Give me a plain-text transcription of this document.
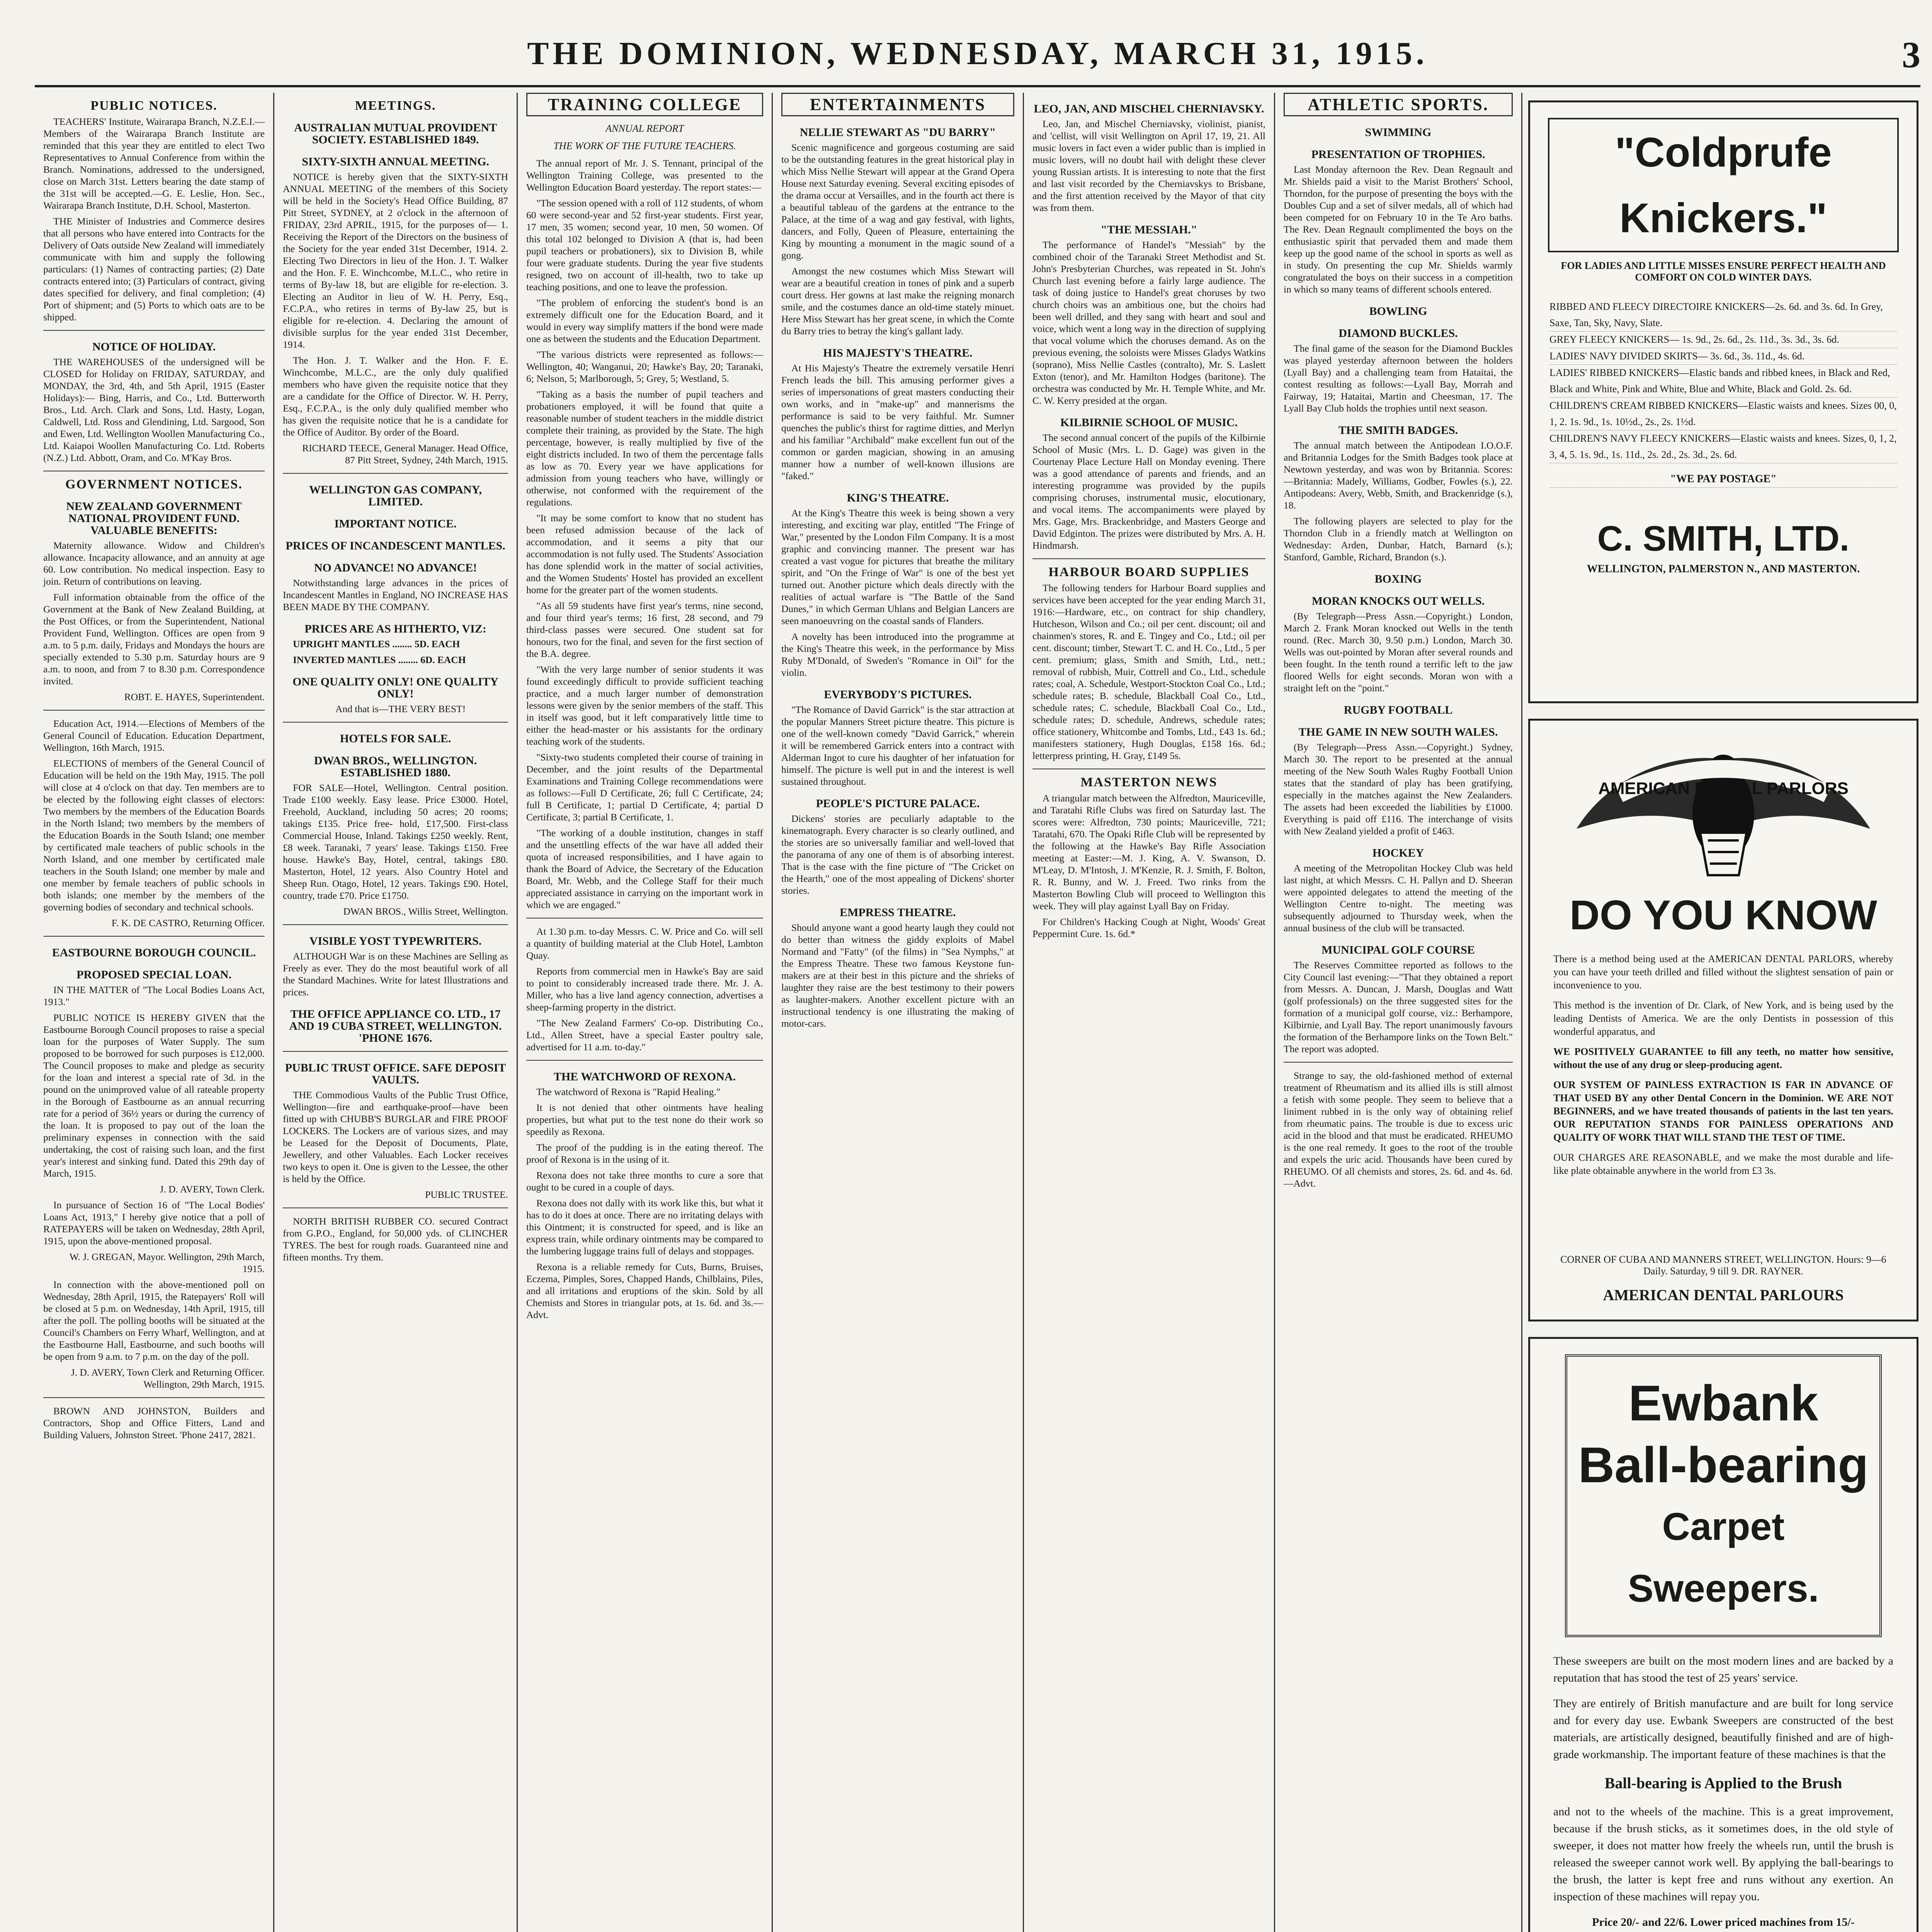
THE DOMINION, WEDNESDAY, MARCH 31, 1915.	3
PUBLIC NOTICES.

TEACHERS' Institute, Wairarapa Branch, N.Z.E.I.—Members of the Wairarapa Branch Institute are reminded that this year they are entitled to elect Two Representatives to Annual Conference from within the Branch. Nominations, addressed to the undersigned, close on March 31st. Letters bearing the date stamp of the 31st will be accepted.—G. E. Leslie, Hon. Sec., Wairarapa Branch Institute, D.H. School, Masterton.

THE Minister of Industries and Commerce desires that all persons who have entered into Contracts for the Delivery of Oats outside New Zealand will immediately communicate with him and supply the following particulars: (1) Names of contracting parties; (2) Date contracts entered into; (3) Particulars of contract, giving dates specified for delivery, and final completion; (4) Port of shipment; and (5) Ports to which oats are to be shipped.

NOTICE OF HOLIDAY.

THE WAREHOUSES of the undersigned will be CLOSED for Holiday on FRIDAY, SATURDAY, and MONDAY, the 3rd, 4th, and 5th April, 1915 (Easter Holidays):— Bing, Harris, and Co., Ltd. Butterworth Bros., Ltd. Arch. Clark and Sons, Ltd. Hasty, Logan, Caldwell, Ltd. Ross and Glendining, Ltd. Sargood, Son and Ewen, Ltd. Wellington Woollen Manufacturing Co., Ltd. Kaiapoi Woollen Manufacturing Co. Ltd. Roberts (N.Z.) Ltd. Abbott, Oram, and Co. M'Kay Bros.

GOVERNMENT NOTICES.
NEW ZEALAND GOVERNMENT NATIONAL PROVIDENT FUND. VALUABLE BENEFITS:

Maternity allowance. Widow and Children's allowance. Incapacity allowance, and an annuity at age 60. Low contribution. No medical inspection. Easy to join. Return of contributions on leaving.

Full information obtainable from the office of the Government at the Bank of New Zealand Building, at the Post Offices, or from the Superintendent, National Provident Fund, Wellington. Offices are open from 9 a.m. to 5 p.m. daily, Fridays and Mondays the hours are specially extended to 5.30 p.m. Saturday hours are 9 a.m. to noon, and from 7 to 8.30 p.m. Correspondence invited.

ROBT. E. HAYES, Superintendent.

Education Act, 1914.—Elections of Members of the General Council of Education. Education Department, Wellington, 16th March, 1915.

ELECTIONS of members of the General Council of Education will be held on the 19th May, 1915. The poll will close at 4 o'clock on that day. Ten members are to be elected by the following eight classes of electors: Two members by the members of the Education Boards in the North Island; two members by the members of the Education Boards in the South Island; one member by certificated male teachers of public schools in the North Island, and one member by certificated male teachers in the South Island; one member by male and one member by female teachers of public schools in both islands; one member by the members of the governing bodies of secondary and technical schools.

F. K. DE CASTRO, Returning Officer.

EASTBOURNE BOROUGH COUNCIL.
PROPOSED SPECIAL LOAN.

IN THE MATTER of "The Local Bodies Loans Act, 1913."

PUBLIC NOTICE IS HEREBY GIVEN that the Eastbourne Borough Council proposes to raise a special loan for the purposes of Water Supply. The sum proposed to be borrowed for such purposes is £12,000. The Council proposes to make and pledge as security for the loan and interest a special rate of 3d. in the pound on the unimproved value of all rateable property in the Borough of Eastbourne as an annual recurring rate for a period of 36½ years or during the currency of the loan. It is proposed to pay out of the loan the preliminary expenses in connection with the said undertaking, the cost of raising such loan, and the first year's interest and sinking fund. Dated this 29th day of March, 1915.

J. D. AVERY, Town Clerk.

In pursuance of Section 16 of "The Local Bodies' Loans Act, 1913," I hereby give notice that a poll of RATEPAYERS will be taken on Wednesday, 28th April, 1915, upon the above-mentioned proposal.

W. J. GREGAN, Mayor. Wellington, 29th March, 1915.

In connection with the above-mentioned poll on Wednesday, 28th April, 1915, the Ratepayers' Roll will be closed at 5 p.m. on Wednesday, 14th April, 1915, till after the poll. The polling booths will be situated at the Council's Chambers on Ferry Wharf, Wellington, and at the Eastbourne Hall, Eastbourne, and such booths will be open from 9 a.m. to 7 p.m. on the day of the poll.

J. D. AVERY, Town Clerk and Returning Officer. Wellington, 29th March, 1915.

BROWN AND JOHNSTON, Builders and Contractors, Shop and Office Fitters, Land and Building Valuers, Johnston Street. 'Phone 2417, 2821.

MEETINGS.
AUSTRALIAN MUTUAL PROVIDENT SOCIETY. ESTABLISHED 1849.
SIXTY-SIXTH ANNUAL MEETING.

NOTICE is hereby given that the SIXTY-SIXTH ANNUAL MEETING of the members of this Society will be held in the Society's Head Office Building, 87 Pitt Street, SYDNEY, at 2 o'clock in the afternoon of FRIDAY, 23rd APRIL, 1915, for the purposes of— 1. Receiving the Report of the Directors on the business of the Society for the year ended 31st December, 1914. 2. Electing Two Directors in lieu of the Hon. J. T. Walker and the Hon. F. E. Winchcombe, M.L.C., who retire in terms of By-law 18, but are eligible for re-election. 3. Electing an Auditor in lieu of W. H. Perry, Esq., F.C.P.A., who retires in terms of By-law 25, but is eligible for re-election. 4. Declaring the amount of divisible surplus for the year ended 31st December, 1914.

The Hon. J. T. Walker and the Hon. F. E. Winchcombe, M.L.C., are the only duly qualified members who have given the requisite notice that they are a candidate for the Office of Director. W. H. Perry, Esq., F.C.P.A., is the only duly qualified member who has given the requisite notice that he is a candidate for the Office of Auditor. By order of the Board.

RICHARD TEECE, General Manager. Head Office, 87 Pitt Street, Sydney, 24th March, 1915.

WELLINGTON GAS COMPANY, LIMITED.
IMPORTANT NOTICE.
PRICES OF INCANDESCENT MANTLES.
NO ADVANCE! NO ADVANCE!

Notwithstanding large advances in the prices of Incandescent Mantles in England, NO INCREASE HAS BEEN MADE BY THE COMPANY.

PRICES ARE AS HITHERTO, VIZ:

UPRIGHT MANTLES ........ 5D. EACH

INVERTED MANTLES ........ 6D. EACH

ONE QUALITY ONLY! ONE QUALITY ONLY!

And that is—THE VERY BEST!

HOTELS FOR SALE.
DWAN BROS., WELLINGTON. ESTABLISHED 1880.

FOR SALE—Hotel, Wellington. Central position. Trade £100 weekly. Easy lease. Price £3000. Hotel, Freehold, Auckland, including 50 acres; 20 rooms; takings £135. Price free- hold, £17,500. First-class Commercial House, Inland. Takings £250 weekly. Rent, £8 week. Taranaki, 7 years' lease. Takings £150. Free house. Hawke's Bay, Hotel, central, takings £80. Masterton, Hotel, 12 years. Also Country Hotel and Sheep Run. Otago, Hotel, 12 years. Takings £90. Hotel, country, trade £70. Price £1750.

DWAN BROS., Willis Street, Wellington.

VISIBLE YOST TYPEWRITERS.

ALTHOUGH War is on these Machines are Selling as Freely as ever. They do the most beautiful work of all the Standard Machines. Write for latest Illustrations and prices.

THE OFFICE APPLIANCE CO. LTD., 17 AND 19 CUBA STREET, WELLINGTON. 'PHONE 1676.
PUBLIC TRUST OFFICE. SAFE DEPOSIT VAULTS.

THE Commodious Vaults of the Public Trust Office, Wellington—fire and earthquake-proof—have been fitted up with CHUBB'S BURGLAR and FIRE PROOF LOCKERS. The Lockers are of various sizes, and may be Leased for the Deposit of Documents, Plate, Jewellery, and other Valuables. Each Locker receives two keys to open it. One is given to the Lessee, the other is held by the Office.

PUBLIC TRUSTEE.

NORTH BRITISH RUBBER CO. secured Contract from G.P.O., England, for 50,000 yds. of CLINCHER TYRES. The best for rough roads. Guaranteed nine and fifteen months. Try them.

TRAINING COLLEGE
ANNUAL REPORT
THE WORK OF THE FUTURE TEACHERS.

The annual report of Mr. J. S. Tennant, principal of the Wellington Training College, was presented to the Wellington Education Board yesterday. The report states:—

"The session opened with a roll of 112 students, of whom 60 were second-year and 52 first-year students. First year, 17 men, 35 women; second year, 10 men, 50 women. Of this total 102 belonged to Division A (that is, had been pupil teachers or probationers), six to Division B, while four were graduate students. During the year five students resigned, two on account of ill-health, two to take up teaching positions, and one to leave the profession.

"The problem of enforcing the student's bond is an extremely difficult one for the Education Board, and it would in every way simplify matters if the bond were made one as between the students and the Education Department.

"The various districts were represented as follows:—Wellington, 40; Wanganui, 20; Hawke's Bay, 20; Taranaki, 6; Nelson, 5; Marlborough, 5; Grey, 5; Westland, 5.

"Taking as a basis the number of pupil teachers and probationers employed, it will be found that quite a reasonable number of student teachers in the middle district complete their training, as provided by the State. The high percentage, however, is really multiplied by five of the eight districts included. In two of them the percentage falls as low as 70. Every year we have applications for admission from young teachers who have, willingly or otherwise, not conformed with the requirement of the regulations.

"It may be some comfort to know that no student has been refused admission because of the lack of accommodation, and it seems a pity that our accommodation is not fully used. The Students' Association has done splendid work in the matter of social activities, and the Women Students' Hostel has provided an excellent home for the greater part of the women students.

"As all 59 students have first year's terms, nine second, and four third year's terms; 16 first, 28 second, and 79 third-class passes were secured. One student sat for honours, two for the final, and seven for the first section of the B.A. degree.

"With the very large number of senior students it was found exceedingly difficult to provide sufficient teaching practice, and a much larger number of demonstration lessons were given by the senior members of the staff. This in itself was good, but it left comparatively little time to either the head-master or his assistants for the ordinary teaching work of the students.

"Sixty-two students completed their course of training in December, and the joint results of the Departmental Examinations and Training College recommendations were as follows:—Full D Certificate, 26; full C Certificate, 24; full B Certificate, 1; partial D Certificate, 4; partial D Certificate, 3; partial B Certificate, 1.

"The working of a double institution, changes in staff and the unsettling effects of the war have all added their quota of increased responsibilities, and I have again to thank the Board of Advice, the Secretary of the Education Board, Mr. Webb, and the College Staff for their much appreciated assistance in carrying on the important work in which we are engaged."

At 1.30 p.m. to-day Messrs. C. W. Price and Co. will sell a quantity of building material at the Club Hotel, Lambton Quay.

Reports from commercial men in Hawke's Bay are said to point to considerably increased trade there. Mr. J. A. Miller, who has a live land agency connection, advertises a sheep-farming property in the district.

"The New Zealand Farmers' Co-op. Distributing Co., Ltd., Allen Street, have a special Easter poultry sale, advertised for 11 a.m. to-day."

THE WATCHWORD OF REXONA.

The watchword of Rexona is "Rapid Healing."

It is not denied that other ointments have healing properties, but what put to the test none do their work so speedily as Rexona.

The proof of the pudding is in the eating thereof. The proof of Rexona is in the using of it.

Rexona does not take three months to cure a sore that ought to be cured in a couple of days.

Rexona does not dally with its work like this, but what it has to do it does at once. There are no irritating delays with this Ointment; it is constructed for speed, and is like an express train, while ordinary ointments may be compared to the lumbering luggage trains full of delays and stoppages.

Rexona is a reliable remedy for Cuts, Burns, Bruises, Eczema, Pimples, Sores, Chapped Hands, Chilblains, Piles, and all irritations and eruptions of the skin. Sold by all Chemists and Stores in triangular pots, at 1s. 6d. and 3s.—Advt.

ENTERTAINMENTS
NELLIE STEWART AS "DU BARRY"

Scenic magnificence and gorgeous costuming are said to be the outstanding features in the great historical play in which Miss Nellie Stewart will appear at the Grand Opera House next Saturday evening. Several exciting episodes of the drama occur at Versailles, and in the fourth act there is a beautiful tableau of the gardens at the entrance to the Palace, at the time of a wag and gay festival, with lights, dancers, and Folly, Queen of Pleasure, entertaining the King by mounting a monument in the magic sound of a gong.

Amongst the new costumes which Miss Stewart will wear are a beautiful creation in tones of pink and a superb court dress. Her gowns at last make the reigning monarch smile, and the costumes dance an old-time stately minuet. Here Miss Stewart has her great scene, in which the Comte du Barry tries to betray the king's gallant lady.

HIS MAJESTY'S THEATRE.

At His Majesty's Theatre the extremely versatile Henri French leads the bill. This amusing performer gives a series of impersonations of great masters conducting their own works, and in "make-up" and mannerisms the performance is said to be very faithful. Mr. Sumner quenches the public's thirst for ragtime ditties, and Merlyn and his familiar "Archibald" make excellent fun out of the common or garden magician, showing in an amusing manner how a number of well-known illusions are "faked."

KING'S THEATRE.

At the King's Theatre this week is being shown a very interesting, and exciting war play, entitled "The Fringe of War," presented by the London Film Company. It is a most graphic and convincing manner. The present war has created a vast vogue for pictures that breathe the military spirit, and "On the Fringe of War" is one of the best yet turned out. Another picture which deals directly with the realities of actual warfare is "The Battle of the Sand Dunes," in which German Uhlans and Belgian Lancers are seen manoeuvring on the coastal sands of Flanders.

A novelty has been introduced into the programme at the King's Theatre this week, in the performance by Miss Ruby M'Donald, of Sweden's "Romance in Oil" for the violin.

EVERYBODY'S PICTURES.

"The Romance of David Garrick" is the star attraction at the popular Manners Street picture theatre. This picture is one of the well-known comedy "David Garrick," wherein it will be remembered Garrick enters into a contract with Alderman Ingot to cure his daughter of her infatuation for himself. The picture is well put in and the interest is well sustained throughout.

PEOPLE'S PICTURE PALACE.

Dickens' stories are peculiarly adaptable to the kinematograph. Every character is so clearly outlined, and the stories are so universally familiar and well-loved that the panorama of any one of them is of absorbing interest. That is the case with the fine picture of "The Cricket on the Hearth," one of the most appealing of Dickens' shorter stories.

EMPRESS THEATRE.

Should anyone want a good hearty laugh they could not do better than witness the giddy exploits of Mabel Normand and "Fatty" (of the films) in "Sea Nymphs," at the Empress Theatre. These two famous Keystone fun-makers are at their best in this picture and the shrieks of laughter they raise are the best testimony to their powers as laughter-makers. Another excellent picture with an instructional tendency is one illustrating the making of motor-cars.

LEO, JAN, AND MISCHEL CHERNIAVSKY.

Leo, Jan, and Mischel Cherniavsky, violinist, pianist, and 'cellist, will visit Wellington on April 17, 19, 21. All music lovers in fact even a wider public than is implied in music lovers, will no doubt hail with delight these clever young Russian artists. It is interesting to note that the first and last visit recorded by the Cherniavskys to Brisbane, and the first attention received by the Mayor of that city was from them.

"THE MESSIAH."

The performance of Handel's "Messiah" by the combined choir of the Taranaki Street Methodist and St. John's Presbyterian Churches, was repeated in St. John's Church last evening before a fairly large audience. The task of doing justice to Handel's great choruses by two church choirs was an ambitious one, but the choirs had been well drilled, and they sang with heart and soul and voice, which went a long way in the direction of supplying that vocal volume which the choruses demand. As on the previous evening, the soloists were Misses Gladys Watkins (soprano), Miss Nellie Castles (contralto), Mr. S. Laslett Exton (tenor), and Mr. Hamilton Hodges (baritone). The orchestra was conducted by Mr. H. Temple White, and Mr. C. W. Kerry presided at the organ.

KILBIRNIE SCHOOL OF MUSIC.

The second annual concert of the pupils of the Kilbirnie School of Music (Mrs. L. D. Gage) was given in the Courtenay Place Lecture Hall on Monday evening. There was a good attendance of parents and friends, and an interesting programme was provided by the pupils comprising choruses, instrumental music, elocutionary, and vocal items. The accompaniments were played by Mrs. Gage, Mrs. Brackenbridge, and Masters George and David Edginton. The prizes were distributed by Mrs. A. H. Hindmarsh.

HARBOUR BOARD SUPPLIES

The following tenders for Harbour Board supplies and services have been accepted for the year ending March 31, 1916:—Hardware, etc., on contract for ship chandlery, Hutcheson, Wilson and Co.; oil per cent. discount; oil and chainmen's stores, R. and E. Tingey and Co., Ltd.; oil per cent. discount; timber, Stewart T. C. and H. Co., Ltd., 5 per cent. premium; glass, Smith and Smith, Ltd., nett.; removal of rubbish, Muir, Cottrell and Co., Ltd., schedule rates; coal, A. Schedule, Westport-Stockton Coal Co., Ltd.; schedule rates; B. schedule, Blackball Coal Co., Ltd., schedule rates; C. schedule, Blackball Coal Co., Ltd., schedule rates; D. schedule, Andrews, schedule rates; office stationery, Whitcombe and Tombs, Ltd., £43 1s. 6d.; manifesters stationery, Hugh Douglas, £158 16s. 6d.; letterpress printing, H. Gray, £149 5s.

MASTERTON NEWS

A triangular match between the Alfredton, Mauriceville, and Taratahi Rifle Clubs was fired on Saturday last. The scores were: Alfredton, 730 points; Mauriceville, 721; Taratahi, 670. The Opaki Rifle Club will be represented by the following at the Hawke's Bay Rifle Association meeting at Easter:—M. J. King, A. V. Swanson, D. M'Leay, D. M'Intosh, J. M'Kenzie, R. J. Smith, F. Bolton, R. R. Bunny, and W. J. Freed. Two rinks from the Masterton Bowling Club will proceed to Wellington this week. They will play against Lyall Bay on Friday.

For Children's Hacking Cough at Night, Woods' Great Peppermint Cure. 1s. 6d.*

ATHLETIC SPORTS.
SWIMMING
PRESENTATION OF TROPHIES.

Last Monday afternoon the Rev. Dean Regnault and Mr. Shields paid a visit to the Marist Brothers' School, Thorndon, for the purpose of presenting the boys with the Doubles Cup and a set of silver medals, all of which had been competed for on February 10 in the Te Aro baths. The Rev. Dean Regnault complimented the boys on the enthusiastic spirit that pervaded them and made them keep up the good name of the school in sports as well as in study. On presenting the cup Mr. Shields warmly congratulated the boys on their success in a competition in which so many teams of different schools entered.

BOWLING
DIAMOND BUCKLES.

The final game of the season for the Diamond Buckles was played yesterday afternoon between the holders (Lyall Bay) and a challenging team from Hataitai, the contest resulting as follows:—Lyall Bay, Morrah and Fairway, 19; Hataitai, Martin and Cheesman, 17. The Lyall Bay Club holds the trophies until next season.

THE SMITH BADGES.

The annual match between the Antipodean I.O.O.F. and Britannia Lodges for the Smith Badges took place at Newtown yesterday, and was won by Britannia. Scores:—Britannia: Madely, Williams, Godber, Fowles (s.), 22. Antipodeans: Avery, Webb, Smith, and Brackenridge (s.), 18.

The following players are selected to play for the Thorndon Club in a friendly match at Wellington on Wednesday: Arden, Dunbar, Hatch, Barnard (s.); Stanford, Gamble, Richard, Brandon (s.).

BOXING
MORAN KNOCKS OUT WELLS.

(By Telegraph—Press Assn.—Copyright.) London, March 2. Frank Moran knocked out Wells in the tenth round. (Rec. March 30, 9.50 p.m.) London, March 30. Wells was out-pointed by Moran after several rounds and been fought. In the tenth round a terrific left to the jaw floored Wells for eight seconds. Moran won with a straight left on the "point."

RUGBY FOOTBALL
THE GAME IN NEW SOUTH WALES.

(By Telegraph—Press Assn.—Copyright.) Sydney, March 30. The report to be presented at the annual meeting of the New South Wales Rugby Football Union states that the standard of play has been gratifying, especially in the matches against the New Zealanders. The assets had been exceeded the liabilities by £1000. Everything is paid off £116. The interchange of visits with New Zealand yielded a profit of £463.

HOCKEY

A meeting of the Metropolitan Hockey Club was held last night, at which Messrs. C. H. Pallyn and D. Sheeran were appointed delegates to attend the meeting of the Wellington Centre to-night. The meeting was subsequently adjourned to Thursday week, when the annual business of the club will be transacted.

MUNICIPAL GOLF COURSE

The Reserves Committee reported as follows to the City Council last evening:—"That they obtained a report from Messrs. A. Duncan, J. Marsh, Douglas and Watt (golf professionals) on the three suggested sites for the formation of a municipal golf course, viz.: Berhampore, Kilbirnie, and Lyall Bay. The report unanimously favours the formation of the Berhampore links on the Town Belt." The report was adopted.

Strange to say, the old-fashioned method of external treatment of Rheumatism and its allied ills is still almost a fetish with some people. They seem to believe that a liniment rubbed in is the only way of obtaining relief from rheumatic pains. The trouble is due to excess uric acid in the blood and that must be eradicated. RHEUMO is the one real remedy. It goes to the root of the trouble and expels the uric acid. Thousands have been cured by RHEUMO. Of all chemists and stores, 2s. 6d. and 4s. 6d.—Advt.

"Coldprufe Knickers."
FOR LADIES AND LITTLE MISSES ENSURE PERFECT HEALTH AND COMFORT ON COLD WINTER DAYS.
RIBBED AND FLEECY DIRECTOIRE KNICKERS—2s. 6d. and 3s. 6d. In Grey, Saxe, Tan, Sky, Navy, Slate.
GREY FLEECY KNICKERS— 1s. 9d., 2s. 6d., 2s. 11d., 3s. 3d., 3s. 6d.
LADIES' NAVY DIVIDED SKIRTS— 3s. 6d., 3s. 11d., 4s. 6d.
LADIES' RIBBED KNICKERS—Elastic bands and ribbed knees, in Black and Red, Black and White, Pink and White, Blue and White, Black and Gold. 2s. 6d.
CHILDREN'S CREAM RIBBED KNICKERS—Elastic waists and knees. Sizes 00, 0, 1, 2. 1s. 9d., 1s. 10½d., 2s., 2s. 1½d.
CHILDREN'S NAVY FLEECY KNICKERS—Elastic waists and knees. Sizes, 0, 1, 2, 3, 4, 5. 1s. 9d., 1s. 11d., 2s. 2d., 2s. 3d., 2s. 6d.
"WE PAY POSTAGE"
C. SMITH, LTD.
WELLINGTON, PALMERSTON N., AND MASTERTON.
AMERICAN DENTAL PARLORS
DO YOU KNOW

There is a method being used at the AMERICAN DENTAL PARLORS, whereby you can have your teeth drilled and filled without the slightest sensation of pain or inconvenience to you.

This method is the invention of Dr. Clark, of New York, and is being used by the leading Dentists of America. We are the only Dentists in possession of this wonderful apparatus, and

WE POSITIVELY GUARANTEE to fill any teeth, no matter how sensitive, without the use of any drug or sleep-producing agent.

OUR SYSTEM OF PAINLESS EXTRACTION IS FAR IN ADVANCE OF THAT USED BY any other Dental Concern in the Dominion. WE ARE NOT BEGINNERS, and we have treated thousands of patients in the last ten years. OUR REPUTATION STANDS FOR PAINLESS OPERATIONS AND QUALITY OF WORK THAT WILL STAND THE TEST OF TIME.

OUR CHARGES ARE REASONABLE, and we make the most durable and life-like plate obtainable anywhere in the world from £3 3s.

AMERICAN DENTAL PARLOURS
CORNER OF CUBA AND MANNERS STREET, WELLINGTON. Hours: 9—6 Daily. Saturday, 9 till 9. DR. RAYNER.
Ewbank
Ball-bearing
Carpet Sweepers.

These sweepers are built on the most modern lines and are backed by a reputation that has stood the test of 25 years' service.

They are entirely of British manufacture and are built for long service and for every day use. Ewbank Sweepers are constructed of the best materials, are artistically designed, beautifully finished and are of high-grade workmanship. The important feature of these machines is that the

Ball-bearing is Applied to the Brush

and not to the wheels of the machine. This is a great improvement, because if the brush sticks, as it sometimes does, in the old style of sweeper, it does not matter how freely the wheels run, until the brush is released the sweeper cannot work well. By applying the ball-bearings to the brush, the latter is kept free and runs without any exertion. An inspection of these machines will repay you.

Price 20/- and 22/6. Lower priced machines from 15/-
